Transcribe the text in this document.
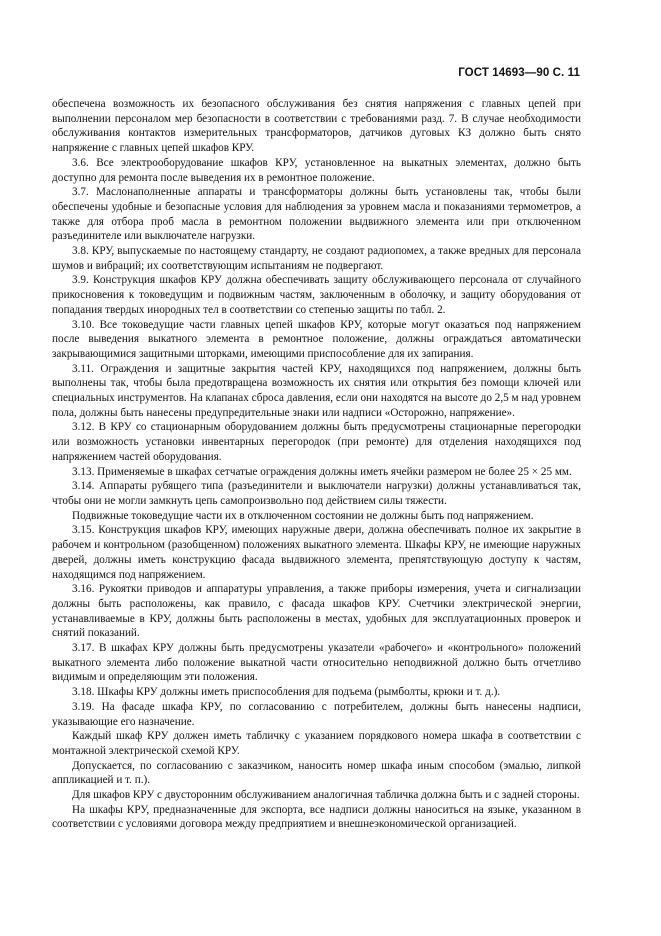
ГОСТ 14693—90 С. 11

обеспечена возможность их безопасного обслуживания без снятия напряжения с главных цепей при выполнении персоналом мер безопасности в соответствии с требованиями разд. 7. В случае необходимости обслуживания контактов измерительных трансформаторов, датчиков дуговых КЗ должно быть снято напряжение с главных цепей шкафов КРУ.

3.6. Все электрооборудование шкафов КРУ, установленное на выкатных элементах, должно быть доступно для ремонта после выведения их в ремонтное положение.

3.7. Маслонаполненные аппараты и трансформаторы должны быть установлены так, чтобы были обеспечены удобные и безопасные условия для наблюдения за уровнем масла и показаниями термометров, а также для отбора проб масла в ремонтном положении выдвижного элемента или при отключенном разъединителе или выключателе нагрузки.

3.8. КРУ, выпускаемые по настоящему стандарту, не создают радиопомех, а также вредных для персонала шумов и вибраций; их соответствующим испытаниям не подвергают.

3.9. Конструкция шкафов КРУ должна обеспечивать защиту обслуживающего персонала от случайного прикосновения к токоведущим и подвижным частям, заключенным в оболочку, и защиту оборудования от попадания твердых инородных тел в соответствии со степенью защиты по табл. 2.

3.10. Все токоведущие части главных цепей шкафов КРУ, которые могут оказаться под напряжением после выведения выкатного элемента в ремонтное положение, должны ограждаться автоматически закрывающимися защитными шторками, имеющими приспособление для их запирания.

3.11. Ограждения и защитные закрытия частей КРУ, находящихся под напряжением, должны быть выполнены так, чтобы была предотвращена возможность их снятия или открытия без помощи ключей или специальных инструментов. На клапанах сброса давления, если они находятся на высоте до 2,5 м над уровнем пола, должны быть нанесены предупредительные знаки или надписи «Осторожно, напряжение».

3.12. В КРУ со стационарным оборудованием должны быть предусмотрены стационарные перегородки или возможность установки инвентарных перегородок (при ремонте) для отделения находящихся под напряжением частей оборудования.

3.13. Применяемые в шкафах сетчатые ограждения должны иметь ячейки размером не более 25 × 25 мм.

3.14. Аппараты рубящего типа (разъединители и выключатели нагрузки) должны устанавливаться так, чтобы они не могли замкнуть цепь самопроизвольно под действием силы тяжести.

Подвижные токоведущие части их в отключенном состоянии не должны быть под напряжением.

3.15. Конструкция шкафов КРУ, имеющих наружные двери, должна обеспечивать полное их закрытие в рабочем и контрольном (разобщенном) положениях выкатного элемента. Шкафы КРУ, не имеющие наружных дверей, должны иметь конструкцию фасада выдвижного элемента, препятствующую доступу к частям, находящимся под напряжением.

3.16. Рукоятки приводов и аппаратуры управления, а также приборы измерения, учета и сигнализации должны быть расположены, как правило, с фасада шкафов КРУ. Счетчики электрической энергии, устанавливаемые в КРУ, должны быть расположены в местах, удобных для эксплуатационных проверок и снятий показаний.

3.17. В шкафах КРУ должны быть предусмотрены указатели «рабочего» и «контрольного» положений выкатного элемента либо положение выкатной части относительно неподвижной должно быть отчетливо видимым и определяющим эти положения.

3.18. Шкафы КРУ должны иметь приспособления для подъема (рымболты, крюки и т. д.).

3.19. На фасаде шкафа КРУ, по согласованию с потребителем, должны быть нанесены надписи, указывающие его назначение.

Каждый шкаф КРУ должен иметь табличку с указанием порядкового номера шкафа в соответствии с монтажной электрической схемой КРУ.

Допускается, по согласованию с заказчиком, наносить номер шкафа иным способом (эмалью, липкой аппликацией и т. п.).

Для шкафов КРУ с двусторонним обслуживанием аналогичная табличка должна быть и с задней стороны.

На шкафы КРУ, предназначенные для экспорта, все надписи должны наноситься на языке, указанном в соответствии с условиями договора между предприятием и внешнеэкономической организацией.
